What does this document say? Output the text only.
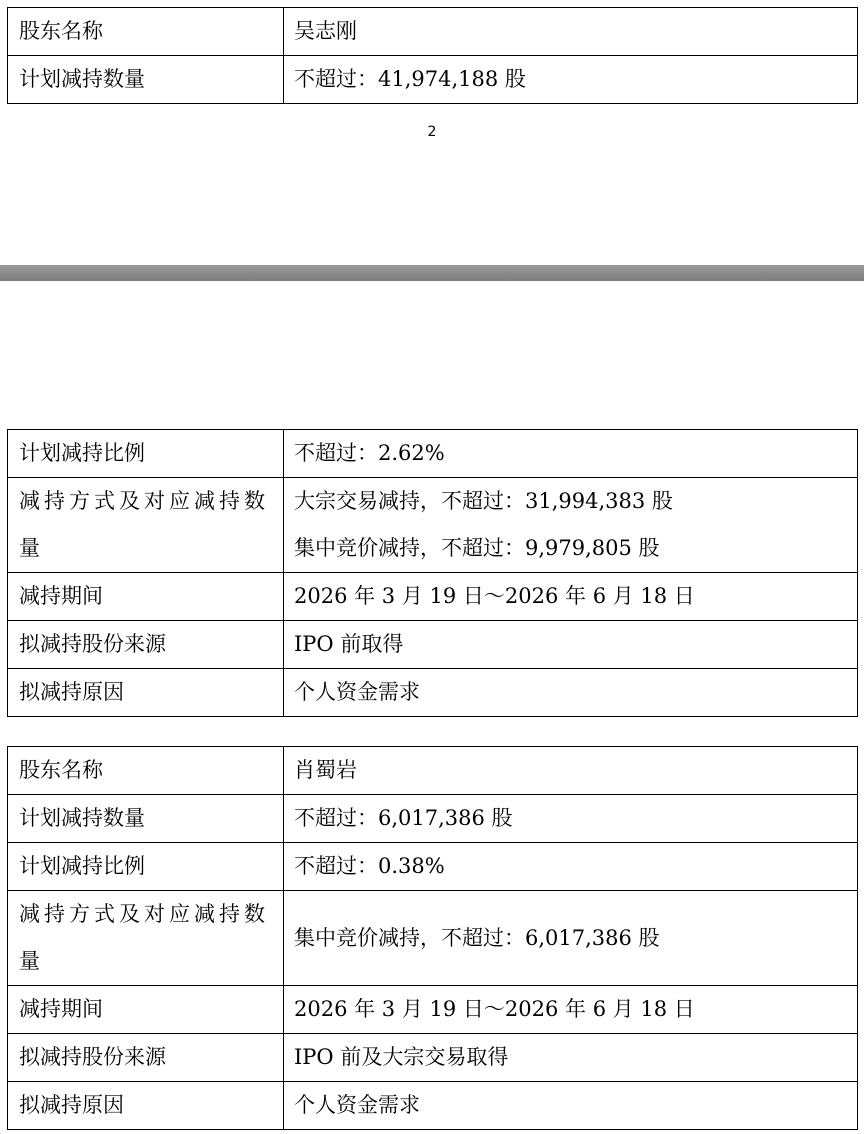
股东名称	吴志刚
计划减持数量	不超过：41,974,188 股
2
计划减持比例	不超过：2.62%
减持方式及对应减持数量	大宗交易减持，不超过：31,994,383 股
集中竞价减持，不超过：9,979,805 股

减持期间	2026 年 3 月 19 日～2026 年 6 月 18 日
拟减持股份来源	IPO 前取得
拟减持原因	个人资金需求
股东名称	肖蜀岩
计划减持数量	不超过：6,017,386 股
计划减持比例	不超过：0.38%
减持方式及对应减持数量	集中竞价减持，不超过：6,017,386 股
减持期间	2026 年 3 月 19 日～2026 年 6 月 18 日
拟减持股份来源	IPO 前及大宗交易取得
拟减持原因	个人资金需求
